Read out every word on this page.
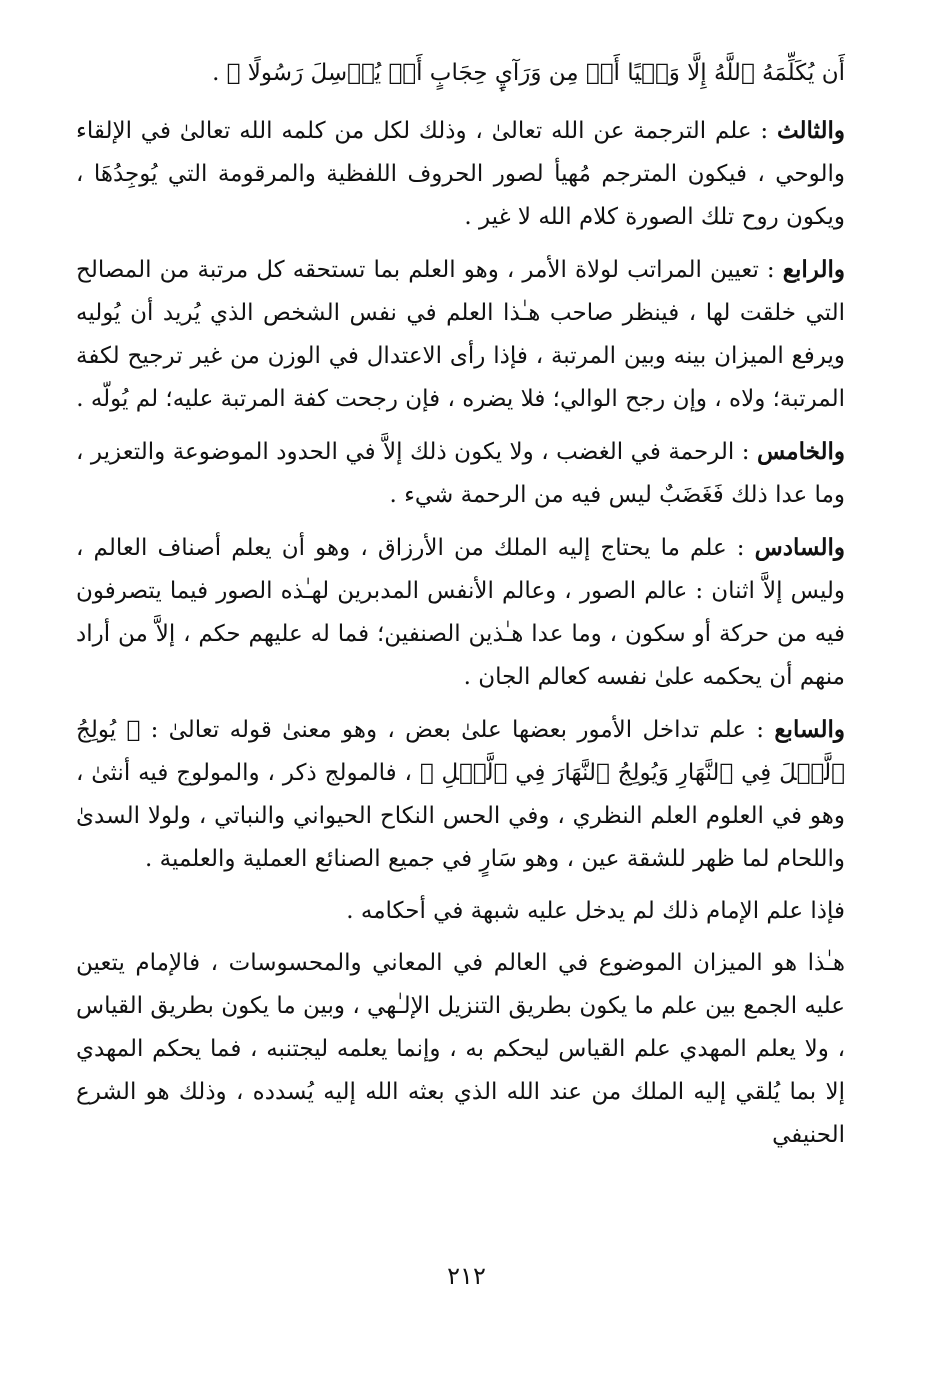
أَن يُكَلِّمَهُ ٱللَّهُ إِلَّا وَحۡيًا أَوۡ مِن وَرَآيِٕ حِجَابٍ أَوۡ يُرۡسِلَ رَسُولًا ﴾ .

والثالث : علم الترجمة عن الله تعالىٰ ، وذلك لكل من كلمه الله تعالىٰ في الإلقاء والوحي ، فيكون المترجم مُهيأ لصور الحروف اللفظية والمرقومة التي يُوجِدُهَا ، ويكون روح تلك الصورة كلام الله لا غير .

والرابع : تعيين المراتب لولاة الأمر ، وهو العلم بما تستحقه كل مرتبة من المصالح التي خلقت لها ، فينظر صاحب هـٰذا العلم في نفس الشخص الذي يُريد أن يُوليه ويرفع الميزان بينه وبين المرتبة ، فإذا رأى الاعتدال في الوزن من غير ترجيح لكفة المرتبة؛ ولاه ، وإن رجح الوالي؛ فلا يضره ، فإن رجحت كفة المرتبة عليه؛ لم يُولّه .

والخامس : الرحمة في الغضب ، ولا يكون ذلك إلاَّ في الحدود الموضوعة والتعزير ، وما عدا ذلك فَغَضَبٌ ليس فيه من الرحمة شيء .

والسادس : علم ما يحتاج إليه الملك من الأرزاق ، وهو أن يعلم أصناف العالم ، وليس إلاَّ اثنان : عالم الصور ، وعالم الأنفس المدبرين لهـٰذه الصور فيما يتصرفون فيه من حركة أو سكون ، وما عدا هـٰذين الصنفين؛ فما له عليهم حكم ، إلاَّ من أراد منهم أن يحكمه علىٰ نفسه كعالم الجان .

والسابع : علم تداخل الأمور بعضها علىٰ بعض ، وهو معنىٰ قوله تعالىٰ : ﴿ يُولِجُ ٱلَّيۡلَ فِي ٱلنَّهَارِ وَيُولِجُ ٱلنَّهَارَ فِي ٱلَّيۡلِ ﴾ ، فالمولج ذكر ، والمولوج فيه أنثىٰ ، وهو في العلوم العلم النظري ، وفي الحس النكاح الحيواني والنباتي ، ولولا السدىٰ واللحام لما ظهر للشقة عين ، وهو سَارٍ في جميع الصنائع العملية والعلمية .

فإذا علم الإمام ذلك لم يدخل عليه شبهة في أحكامه .

هـٰذا هو الميزان الموضوع في العالم في المعاني والمحسوسات ، فالإمام يتعين عليه الجمع بين علم ما يكون بطريق التنزيل الإلـٰهي ، وبين ما يكون بطريق القياس ، ولا يعلم المهدي علم القياس ليحكم به ، وإنما يعلمه ليجتنبه ، فما يحكم المهدي إلا بما يُلقي إليه الملك من عند الله الذي بعثه الله إليه يُسدده ، وذلك هو الشرع الحنيفي

٢١٢
